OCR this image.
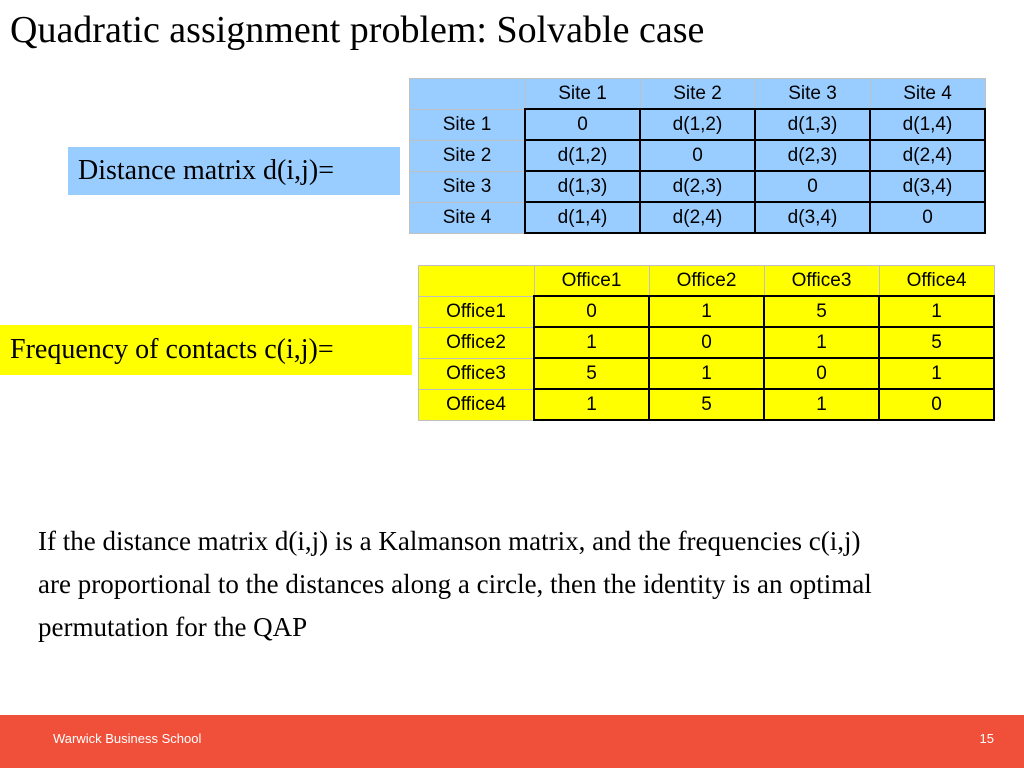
Quadratic assignment problem: Solvable case
Distance matrix d(i,j)=
	Site 1	Site 2	Site 3	Site 4
Site 1	0	d(1,2)	d(1,3)	d(1,4)
Site 2	d(1,2)	0	d(2,3)	d(2,4)
Site 3	d(1,3)	d(2,3)	0	d(3,4)
Site 4	d(1,4)	d(2,4)	d(3,4)	0
Frequency of contacts c(i,j)=
	Office1	Office2	Office3	Office4
Office1	0	1	5	1
Office2	1	0	1	5
Office3	5	1	0	1
Office4	1	5	1	0
If the distance matrix d(i,j) is a Kalmanson matrix, and the frequencies c(i,j) are proportional to the distances along a circle, then the identity is an optimal permutation for the QAP
Warwick Business School	15
